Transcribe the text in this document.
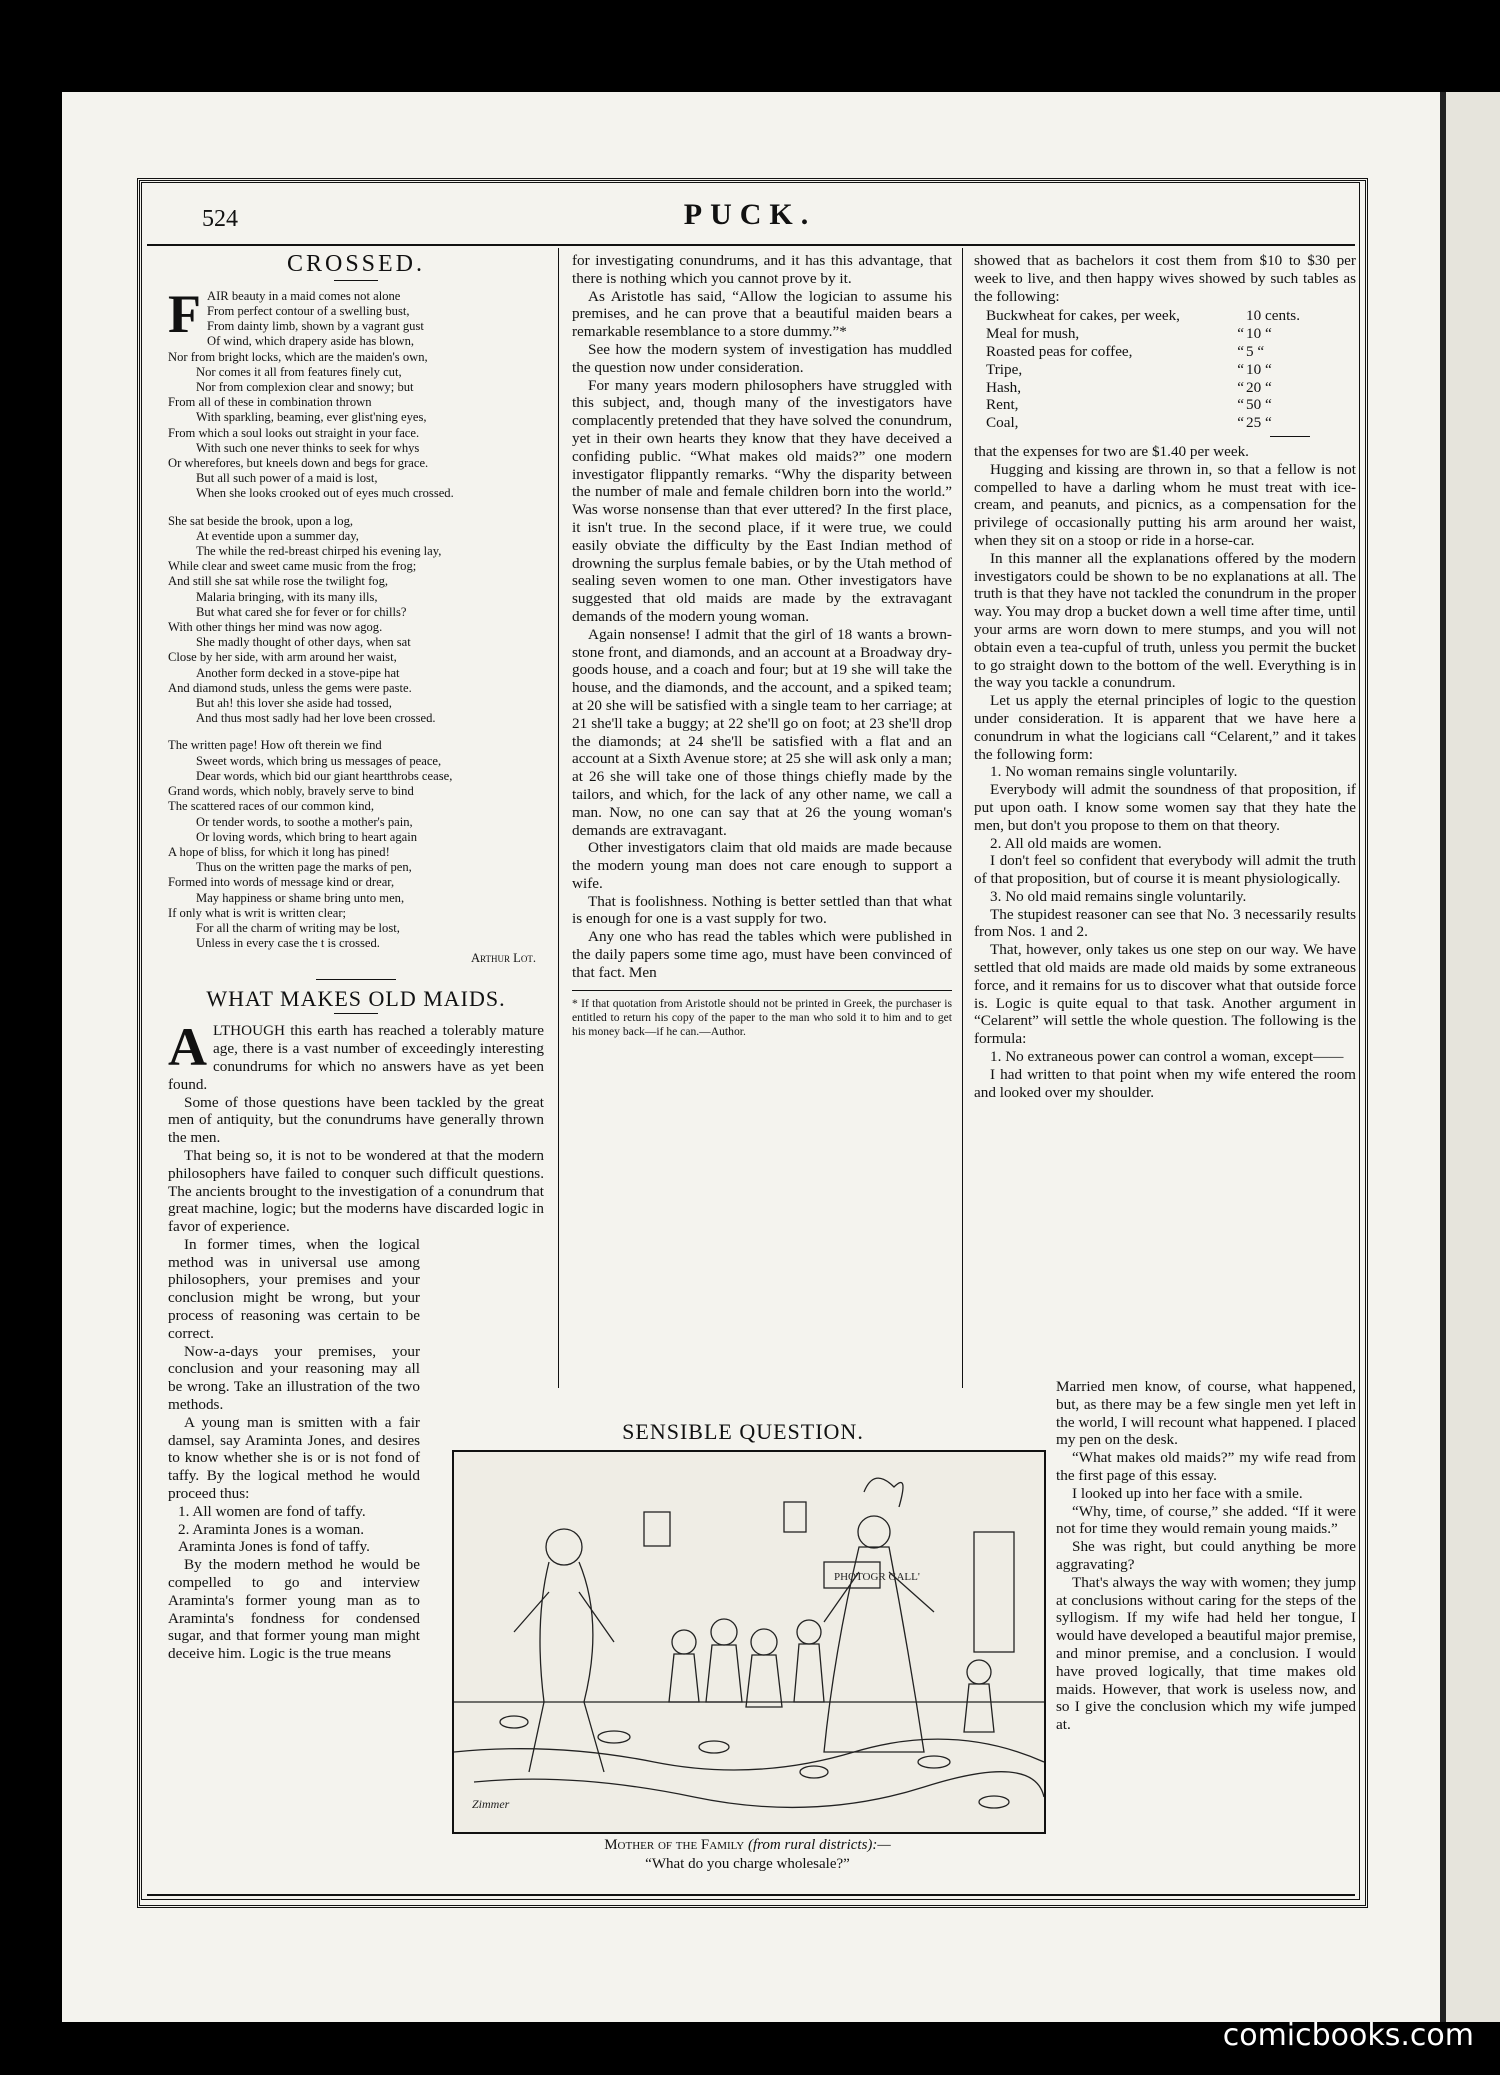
524	PUCK.
CROSSED.
F AIR beauty in a maid comes not alone
From perfect contour of a swelling bust,
From dainty limb, shown by a vagrant gust
Of wind, which drapery aside has blown,
Nor from bright locks, which are the maiden's own,
Nor comes it all from features finely cut,
Nor from complexion clear and snowy; but
From all of these in combination thrown
With sparkling, beaming, ever glist'ning eyes,
From which a soul looks out straight in your face.
With such one never thinks to seek for whys
Or wherefores, but kneels down and begs for grace.
But all such power of a maid is lost,
When she looks crooked out of eyes much crossed.
She sat beside the brook, upon a log,
At eventide upon a summer day,
The while the red-breast chirped his evening lay,
While clear and sweet came music from the frog;
And still she sat while rose the twilight fog,
Malaria bringing, with its many ills,
But what cared she for fever or for chills?
With other things her mind was now agog.
She madly thought of other days, when sat
Close by her side, with arm around her waist,
Another form decked in a stove-pipe hat
And diamond studs, unless the gems were paste.
But ah! this lover she aside had tossed,
And thus most sadly had her love been crossed.
The written page! How oft therein we find
Sweet words, which bring us messages of peace,
Dear words, which bid our giant heartthrobs cease,
Grand words, which nobly, bravely serve to bind
The scattered races of our common kind,
Or tender words, to soothe a mother's pain,
Or loving words, which bring to heart again
A hope of bliss, for which it long has pined!
Thus on the written page the marks of pen,
Formed into words of message kind or drear,
May happiness or shame bring unto men,
If only what is writ is written clear;
For all the charm of writing may be lost,
Unless in every case the t is crossed.
Arthur Lot.
WHAT MAKES OLD MAIDS.

ALTHOUGH this earth has reached a tolerably mature age, there is a vast number of exceedingly interesting conundrums for which no answers have as yet been found.

Some of those questions have been tackled by the great men of antiquity, but the conundrums have generally thrown the men.

That being so, it is not to be wondered at that the modern philosophers have failed to conquer such difficult questions. The ancients brought to the investigation of a conundrum that great machine, logic; but the moderns have discarded logic in favor of experience.

In former times, when the logical method was in universal use among philosophers, your premises and your conclusion might be wrong, but your process of reasoning was certain to be correct.

Now-a-days your premises, your conclusion and your reasoning may all be wrong. Take an illustration of the two methods.

A young man is smitten with a fair damsel, say Araminta Jones, and desires to know whether she is or is not fond of taffy. By the logical method he would proceed thus:

1. All women are fond of taffy.

2. Araminta Jones is a woman.

Araminta Jones is fond of taffy.

By the modern method he would be compelled to go and interview Araminta's former young man as to Araminta's fondness for condensed sugar, and that former young man might deceive him. Logic is the true means

for investigating conundrums, and it has this advantage, that there is nothing which you cannot prove by it.

As Aristotle has said, “Allow the logician to assume his premises, and he can prove that a beautiful maiden bears a remarkable resemblance to a store dummy.”*

See how the modern system of investigation has muddled the question now under consideration.

For many years modern philosophers have struggled with this subject, and, though many of the investigators have complacently pretended that they have solved the conundrum, yet in their own hearts they know that they have deceived a confiding public. “What makes old maids?” one modern investigator flippantly remarks. “Why the disparity between the number of male and female children born into the world.” Was worse nonsense than that ever uttered? In the first place, it isn't true. In the second place, if it were true, we could easily obviate the difficulty by the East Indian method of drowning the surplus female babies, or by the Utah method of sealing seven women to one man. Other investigators have suggested that old maids are made by the extravagant demands of the modern young woman.

Again nonsense! I admit that the girl of 18 wants a brown-stone front, and diamonds, and an account at a Broadway dry-goods house, and a coach and four; but at 19 she will take the house, and the diamonds, and the account, and a spiked team; at 20 she will be satisfied with a single team to her carriage; at 21 she'll take a buggy; at 22 she'll go on foot; at 23 she'll drop the diamonds; at 24 she'll be satisfied with a flat and an account at a Sixth Avenue store; at 25 she will ask only a man; at 26 she will take one of those things chiefly made by the tailors, and which, for the lack of any other name, we call a man. Now, no one can say that at 26 the young woman's demands are extravagant.

Other investigators claim that old maids are made because the modern young man does not care enough to support a wife.

That is foolishness. Nothing is better settled than that what is enough for one is a vast supply for two.

Any one who has read the tables which were published in the daily papers some time ago, must have been convinced of that fact. Men

* If that quotation from Aristotle should not be printed in Greek, the purchaser is entitled to return his copy of the paper to the man who sold it to him and to get his money back—if he can.—Author.

showed that as bachelors it cost them from $10 to $30 per week to live, and then happy wives showed by such tables as the following:

Buckwheat for cakes, per week,		10 cents.
Meal for mush,	“	10 “
Roasted peas for coffee,	“	5 “
Tripe,	“	10 “
Hash,	“	20 “
Rent,	“	50 “
Coal,	“	25 “

that the expenses for two are $1.40 per week.

Hugging and kissing are thrown in, so that a fellow is not compelled to have a darling whom he must treat with ice-cream, and peanuts, and picnics, as a compensation for the privilege of occasionally putting his arm around her waist, when they sit on a stoop or ride in a horse-car.

In this manner all the explanations offered by the modern investigators could be shown to be no explanations at all. The truth is that they have not tackled the conundrum in the proper way. You may drop a bucket down a well time after time, until your arms are worn down to mere stumps, and you will not obtain even a tea-cupful of truth, unless you permit the bucket to go straight down to the bottom of the well. Everything is in the way you tackle a conundrum.

Let us apply the eternal principles of logic to the question under consideration. It is apparent that we have here a conundrum in what the logicians call “Celarent,” and it takes the following form:

1. No woman remains single voluntarily.

Everybody will admit the soundness of that proposition, if put upon oath. I know some women say that they hate the men, but don't you propose to them on that theory.

2. All old maids are women.

I don't feel so confident that everybody will admit the truth of that proposition, but of course it is meant physiologically.

3. No old maid remains single voluntarily.

The stupidest reasoner can see that No. 3 necessarily results from Nos. 1 and 2.

That, however, only takes us one step on our way. We have settled that old maids are made old maids by some extraneous force, and it remains for us to discover what that outside force is. Logic is quite equal to that task. Another argument in “Celarent” will settle the whole question. The following is the formula:

1. No extraneous power can control a woman, except——

I had written to that point when my wife entered the room and looked over my shoulder.

Married men know, of course, what happened, but, as there may be a few single men yet left in the world, I will recount what happened. I placed my pen on the desk.

“What makes old maids?” my wife read from the first page of this essay.

I looked up into her face with a smile.

“Why, time, of course,” she added. “If it were not for time they would remain young maids.”

She was right, but could anything be more aggravating?

That's always the way with women; they jump at conclusions without caring for the steps of the syllogism. If my wife had held her tongue, I would have developed a beautiful major premise, and minor premise, and a conclusion. I would have proved logically, that time makes old maids. However, that work is useless now, and so I give the conclusion which my wife jumped at.

SENSIBLE QUESTION.
PHOTOGR GALL'
Zimmer
Mother of the Family (from rural districts):—
“What do you charge wholesale?”
comicbooks.com
